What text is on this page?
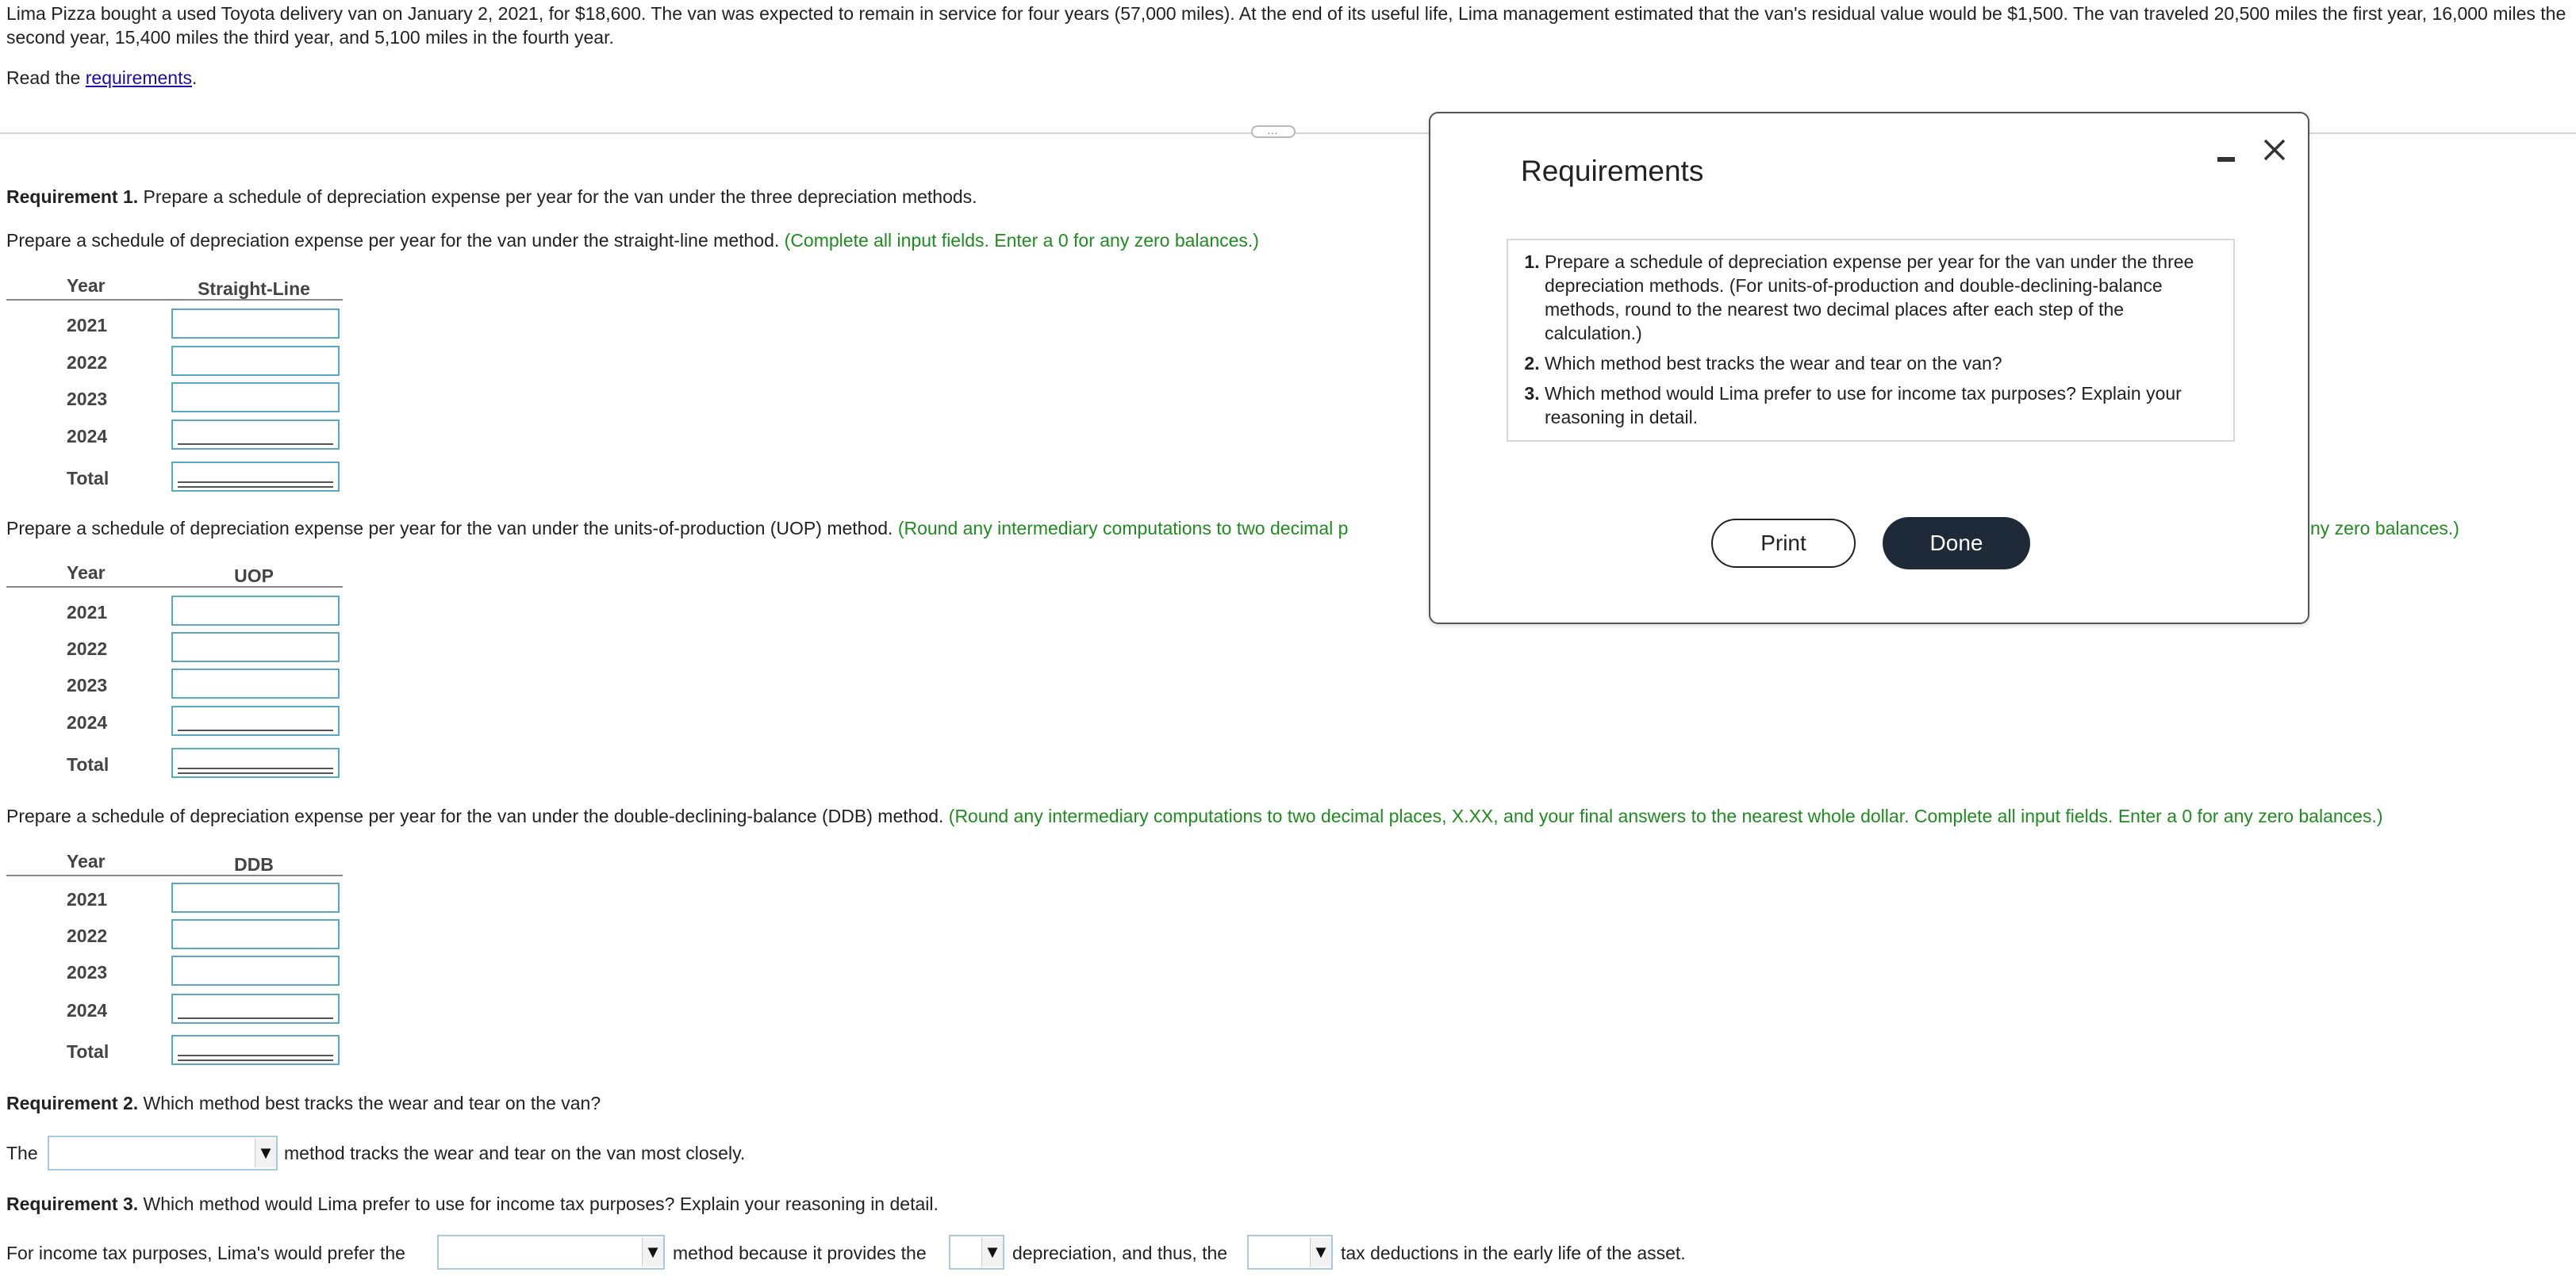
Lima Pizza bought a used Toyota delivery van on January 2, 2021, for $18,600. The van was expected to remain in service for four years (57,000 miles). At the end of its useful life, Lima management estimated that the van's residual value would be $1,500. The van traveled 20,500 miles the first year, 16,000 miles the second year, 15,400 miles the third year, and 5,100 miles in the fourth year.
Read the requirements.
…
Requirement 1. Prepare a schedule of depreciation expense per year for the van under the three depreciation methods.
Prepare a schedule of depreciation expense per year for the van under the straight-line method. (Complete all input fields. Enter a 0 for any zero balances.)
Year	Straight-Line
2021
2022
2023
2024
Total
Prepare a schedule of depreciation expense per year for the van under the units-of-production (UOP) method. (Round any intermediary computations to two decimal p	ny zero balances.)
Year	UOP
2021
2022
2023
2024
Total
Prepare a schedule of depreciation expense per year for the van under the double-declining-balance (DDB) method. (Round any intermediary computations to two decimal places, X.XX, and your final answers to the nearest whole dollar. Complete all input fields. Enter a 0 for any zero balances.)
Year	DDB
2021
2022
2023
2024
Total
Requirement 2. Which method best tracks the wear and tear on the van?
The	▼ method tracks the wear and tear on the van most closely.
Requirement 3. Which method would Lima prefer to use for income tax purposes? Explain your reasoning in detail.
For income tax purposes, Lima's would prefer the	▼ method because it provides the	▼ depreciation, and thus, the	▼ tax deductions in the early life of the asset.
Requirements
1. Prepare a schedule of depreciation expense per year for the van under the three depreciation methods. (For units-of-production and double-declining-balance methods, round to the nearest two decimal places after each step of the calculation.)
2. Which method best tracks the wear and tear on the van?
3. Which method would Lima prefer to use for income tax purposes? Explain your reasoning in detail.
Print	Done
